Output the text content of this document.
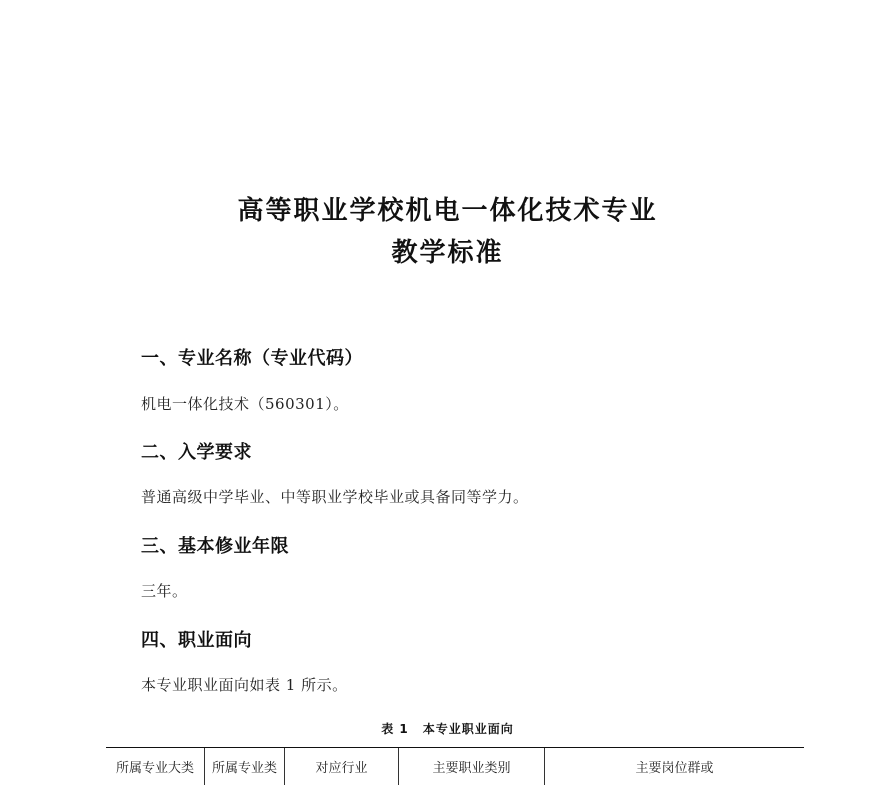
高等职业学校机电一体化技术专业
教学标准
一、专业名称（专业代码）
机电一体化技术（560301）。
二、入学要求
普通高级中学毕业、中等职业学校毕业或具备同等学力。
三、基本修业年限
三年。
四、职业面向
本专业职业面向如表 1 所示。
表 1 本专业职业面向
所属专业大类	所属专业类	对应行业	主要职业类别	主要岗位群或
